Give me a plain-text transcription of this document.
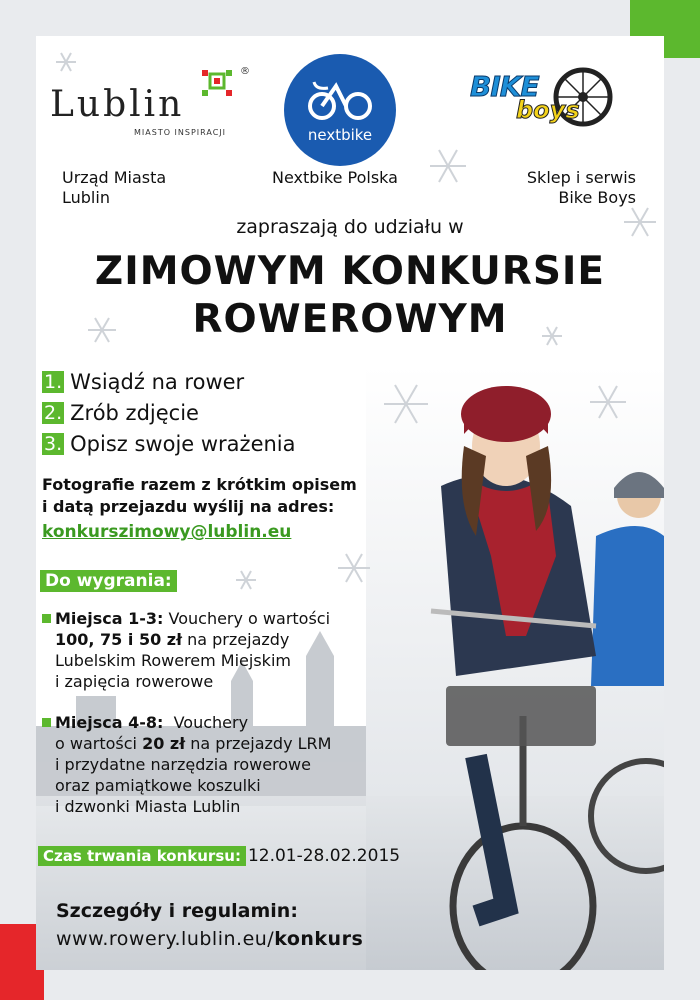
®
Lublin
MIASTO INSPIRACJI	nextbike
BIKE
boys
Urząd Miasta
Lublin
Nextbike Polska	Sklep i serwis
Bike Boys
zapraszają do udziału w
ZIMOWYM KONKURSIE
ROWEROWYM
1. Wsiądź na rower
2. Zrób zdjęcie
3. Opisz swoje wrażenia
Fotografie razem z krótkim opisem
i datą przejazdu wyślij na adres:
konkurszimowy@lublin.eu
Do wygrania:
Miejsca 1-3: Vouchery o wartości
100, 75 i 50 zł na przejazdy
Lubelskim Rowerem Miejskim
i zapięcia rowerowe
Miejsca 4-8:  Vouchery
o wartości 20 zł na przejazdy LRM
i przydatne narzędzia rowerowe
oraz pamiątkowe koszulki
i dzwonki Miasta Lublin
Czas trwania konkursu: 12.01-28.02.2015
Szczegóły i regulamin:
www.rowery.lublin.eu/konkurs
